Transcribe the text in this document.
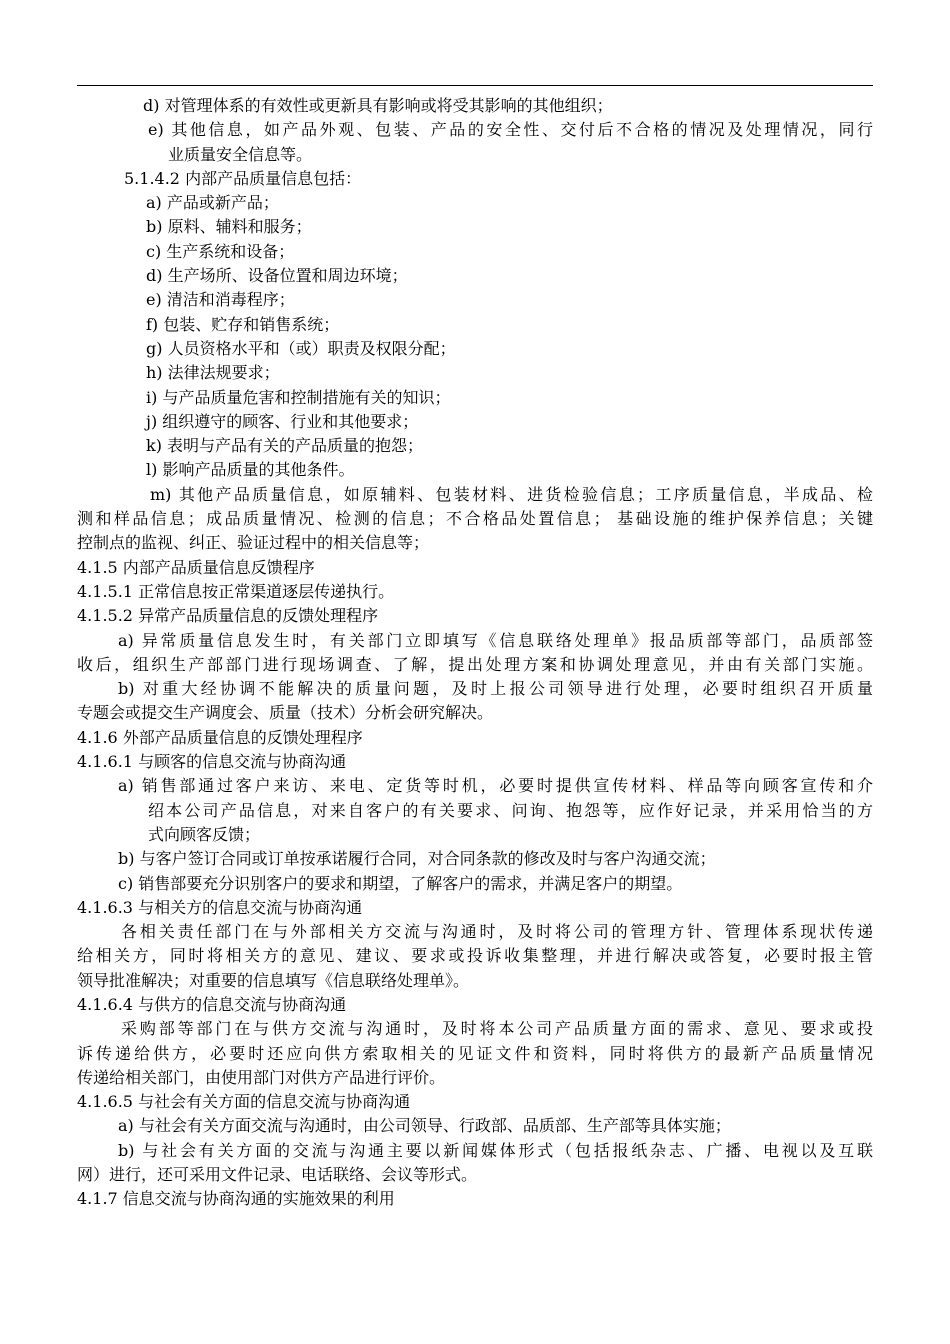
d) 对管理体系的有效性或更新具有影响或将受其影响的其他组织；
e) 其他信息，如产品外观、包装、产品的安全性、交付后不合格的情况及处理情况，同行
业质量安全信息等。
5.1.4.2 内部产品质量信息包括：
a) 产品或新产品；
b) 原料、辅料和服务；
c) 生产系统和设备；
d) 生产场所、设备位置和周边环境；
e) 清洁和消毒程序；
f) 包装、贮存和销售系统；
g) 人员资格水平和（或）职责及权限分配；
h) 法律法规要求；
i) 与产品质量危害和控制措施有关的知识；
j) 组织遵守的顾客、行业和其他要求；
k) 表明与产品有关的产品质量的抱怨；
l) 影响产品质量的其他条件。
m) 其他产品质量信息，如原辅料、包装材料、进货检验信息；工序质量信息，半成品、检
测和样品信息；成品质量情况、检测的信息；不合格品处置信息； 基础设施的维护保养信息；关键
控制点的监视、纠正、验证过程中的相关信息等；
4.1.5 内部产品质量信息反馈程序
4.1.5.1 正常信息按正常渠道逐层传递执行。
4.1.5.2 异常产品质量信息的反馈处理程序
a) 异常质量信息发生时，有关部门立即填写《信息联络处理单》报品质部等部门，品质部签
收后，组织生产部部门进行现场调查、了解，提出处理方案和协调处理意见，并由有关部门实施。
b) 对重大经协调不能解决的质量问题，及时上报公司领导进行处理，必要时组织召开质量
专题会或提交生产调度会、质量（技术）分析会研究解决。
4.1.6 外部产品质量信息的反馈处理程序
4.1.6.1 与顾客的信息交流与协商沟通
a) 销售部通过客户来访、来电、定货等时机，必要时提供宣传材料、样品等向顾客宣传和介
绍本公司产品信息，对来自客户的有关要求、问询、抱怨等，应作好记录，并采用恰当的方
式向顾客反馈；
b) 与客户签订合同或订单按承诺履行合同，对合同条款的修改及时与客户沟通交流；
c) 销售部要充分识别客户的要求和期望，了解客户的需求，并满足客户的期望。
4.1.6.3 与相关方的信息交流与协商沟通
各相关责任部门在与外部相关方交流与沟通时，及时将公司的管理方针、管理体系现状传递
给相关方，同时将相关方的意见、建议、要求或投诉收集整理，并进行解决或答复，必要时报主管
领导批准解决；对重要的信息填写《信息联络处理单》。
4.1.6.4 与供方的信息交流与协商沟通
采购部等部门在与供方交流与沟通时，及时将本公司产品质量方面的需求、意见、要求或投
诉传递给供方，必要时还应向供方索取相关的见证文件和资料，同时将供方的最新产品质量情况
传递给相关部门，由使用部门对供方产品进行评价。
4.1.6.5 与社会有关方面的信息交流与协商沟通
a) 与社会有关方面交流与沟通时，由公司领导、行政部、品质部、生产部等具体实施；
b) 与社会有关方面的交流与沟通主要以新闻媒体形式（包括报纸杂志、广播、电视以及互联
网）进行，还可采用文件记录、电话联络、会议等形式。
4.1.7 信息交流与协商沟通的实施效果的利用
